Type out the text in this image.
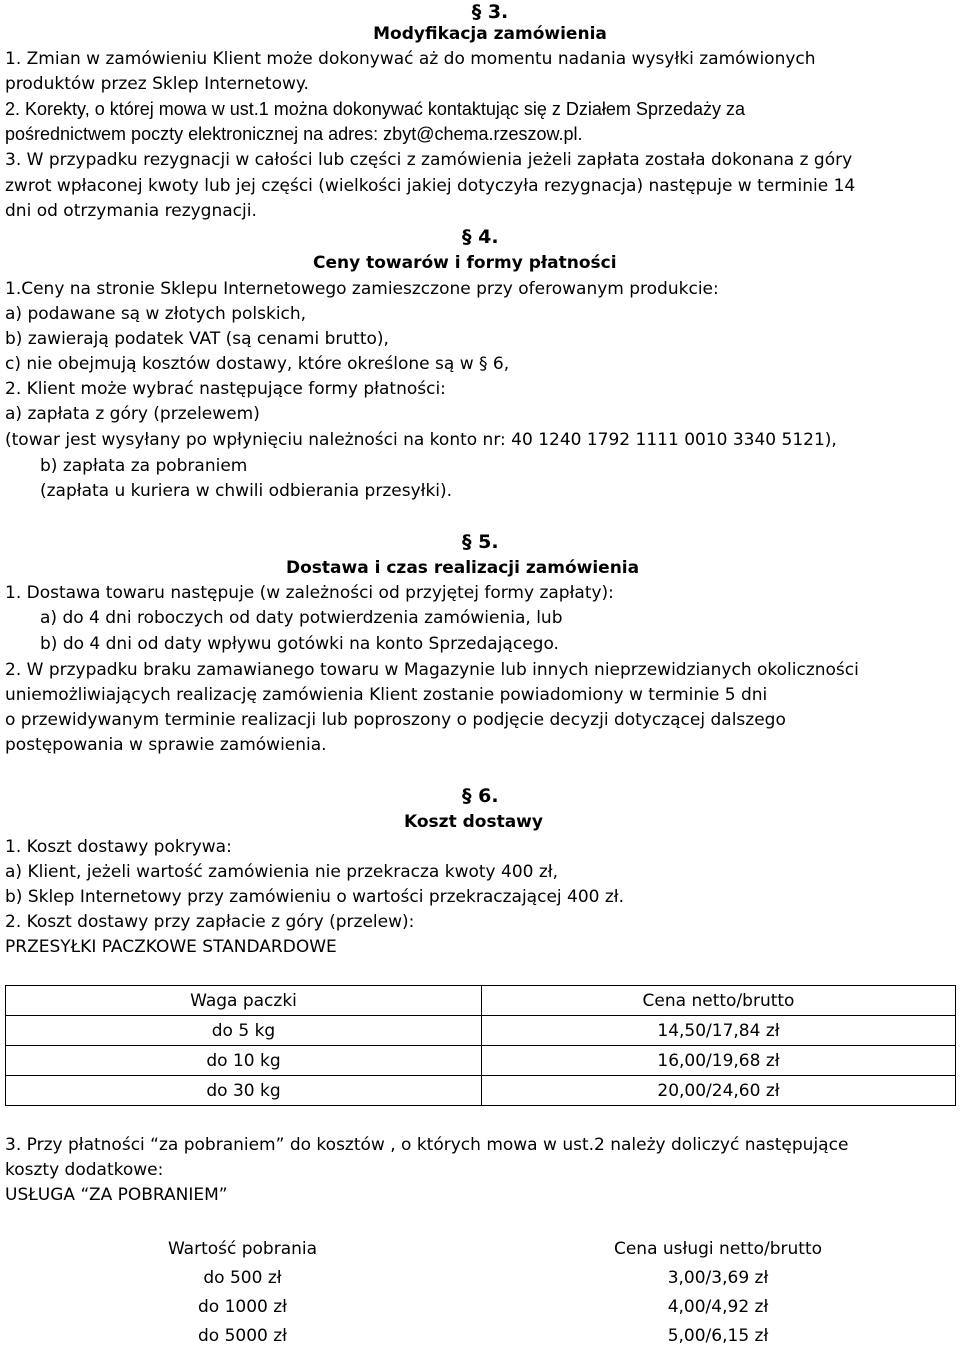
§ 3.
Modyfikacja zamówienia
1. Zmian w zamówieniu Klient może dokonywać aż do momentu nadania wysyłki zamówionych
produktów przez Sklep Internetowy.
2. Korekty, o której mowa w ust.1 można dokonywać kontaktując się z Działem Sprzedaży za
pośrednictwem poczty elektronicznej na adres: zbyt@chema.rzeszow.pl.
3. W przypadku rezygnacji w całości lub części z zamówienia jeżeli zapłata została dokonana z góry
zwrot wpłaconej kwoty lub jej części (wielkości jakiej dotyczyła rezygnacja) następuje w terminie 14
dni od otrzymania rezygnacji.
§ 4.
Ceny towarów i formy płatności
1.Ceny na stronie Sklepu Internetowego zamieszczone przy oferowanym produkcie:
a) podawane są w złotych polskich,
b) zawierają podatek VAT (są cenami brutto),
c) nie obejmują kosztów dostawy, które określone są w § 6,
2. Klient może wybrać następujące formy płatności:
a) zapłata z góry (przelewem)
(towar jest wysyłany po wpłynięciu należności na konto nr: 40 1240 1792 1111 0010 3340 5121),
b) zapłata za pobraniem
(zapłata u kuriera w chwili odbierania przesyłki).
§ 5.
Dostawa i czas realizacji zamówienia
1. Dostawa towaru następuje (w zależności od przyjętej formy zapłaty):
a) do 4 dni roboczych od daty potwierdzenia zamówienia, lub
b) do 4 dni od daty wpływu gotówki na konto Sprzedającego.
2. W przypadku braku zamawianego towaru w Magazynie lub innych nieprzewidzianych okoliczności
uniemożliwiających realizację zamówienia Klient zostanie powiadomiony w terminie 5 dni
o przewidywanym terminie realizacji lub poproszony o podjęcie decyzji dotyczącej dalszego
postępowania w sprawie zamówienia.
§ 6.
Koszt dostawy
1. Koszt dostawy pokrywa:
a) Klient, jeżeli wartość zamówienia nie przekracza kwoty 400 zł,
b) Sklep Internetowy przy zamówieniu o wartości przekraczającej 400 zł.
2. Koszt dostawy przy zapłacie z góry (przelew):
PRZESYŁKI PACZKOWE STANDARDOWE
Waga paczki	Cena netto/brutto
do 5 kg	14,50/17,84 zł
do 10 kg	16,00/19,68 zł
do 30 kg	20,00/24,60 zł
3. Przy płatności “za pobraniem” do kosztów , o których mowa w ust.2 należy doliczyć następujące
koszty dodatkowe:
USŁUGA “ZA POBRANIEM”
Wartość pobrania	Cena usługi netto/brutto
do 500 zł	3,00/3,69 zł
do 1000 zł	4,00/4,92 zł
do 5000 zł	5,00/6,15 zł
